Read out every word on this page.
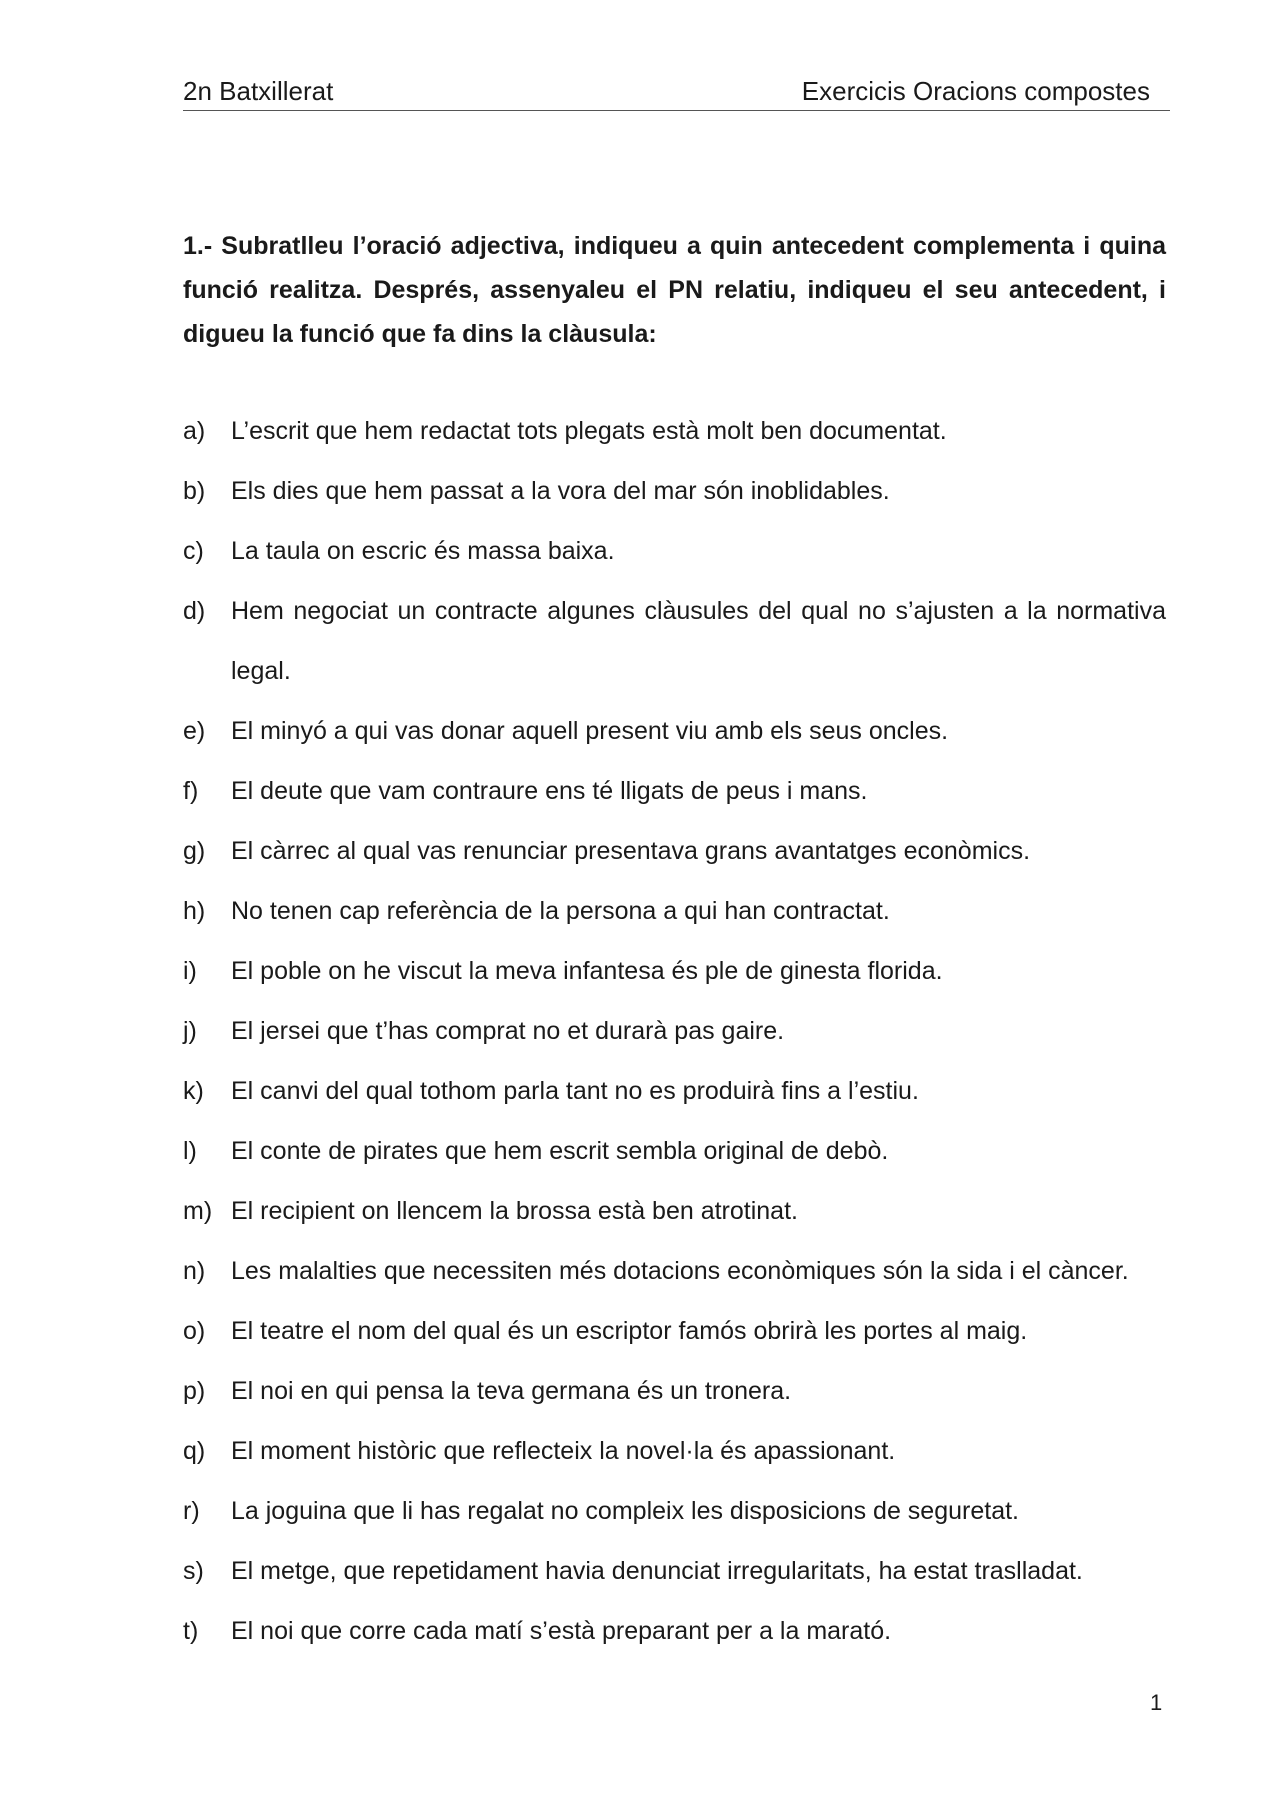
2n Batxillerat	Exercicis Oracions compostes

1.- Subratlleu l’oració adjectiva, indiqueu a quin antecedent complementa i quina funció realitza. Després, assenyaleu el PN relatiu, indiqueu el seu antecedent, i digueu la funció que fa dins la clàusula:

a) L’escrit que hem redactat tots plegats està molt ben documentat.
b) Els dies que hem passat a la vora del mar són inoblidables.
c) La taula on escric és massa baixa.
d) Hem negociat un contracte algunes clàusules del qual no s’ajusten a la normativa legal.
e) El minyó a qui vas donar aquell present viu amb els seus oncles.
f) El deute que vam contraure ens té lligats de peus i mans.
g) El càrrec al qual vas renunciar presentava grans avantatges econòmics.
h) No tenen cap referència de la persona a qui han contractat.
i) El poble on he viscut la meva infantesa és ple de ginesta florida.
j) El jersei que t’has comprat no et durarà pas gaire.
k) El canvi del qual tothom parla tant no es produirà fins a l’estiu.
l) El conte de pirates que hem escrit sembla original de debò.
m) El recipient on llencem la brossa està ben atrotinat.
n) Les malalties que necessiten més dotacions econòmiques són la sida i el càncer.
o) El teatre el nom del qual és un escriptor famós obrirà les portes al maig.
p) El noi en qui pensa la teva germana és un tronera.
q) El moment històric que reflecteix la novel·la és apassionant.
r) La joguina que li has regalat no compleix les disposicions de seguretat.
s) El metge, que repetidament havia denunciat irregularitats, ha estat traslladat.
t) El noi que corre cada matí s’està preparant per a la marató.
1
